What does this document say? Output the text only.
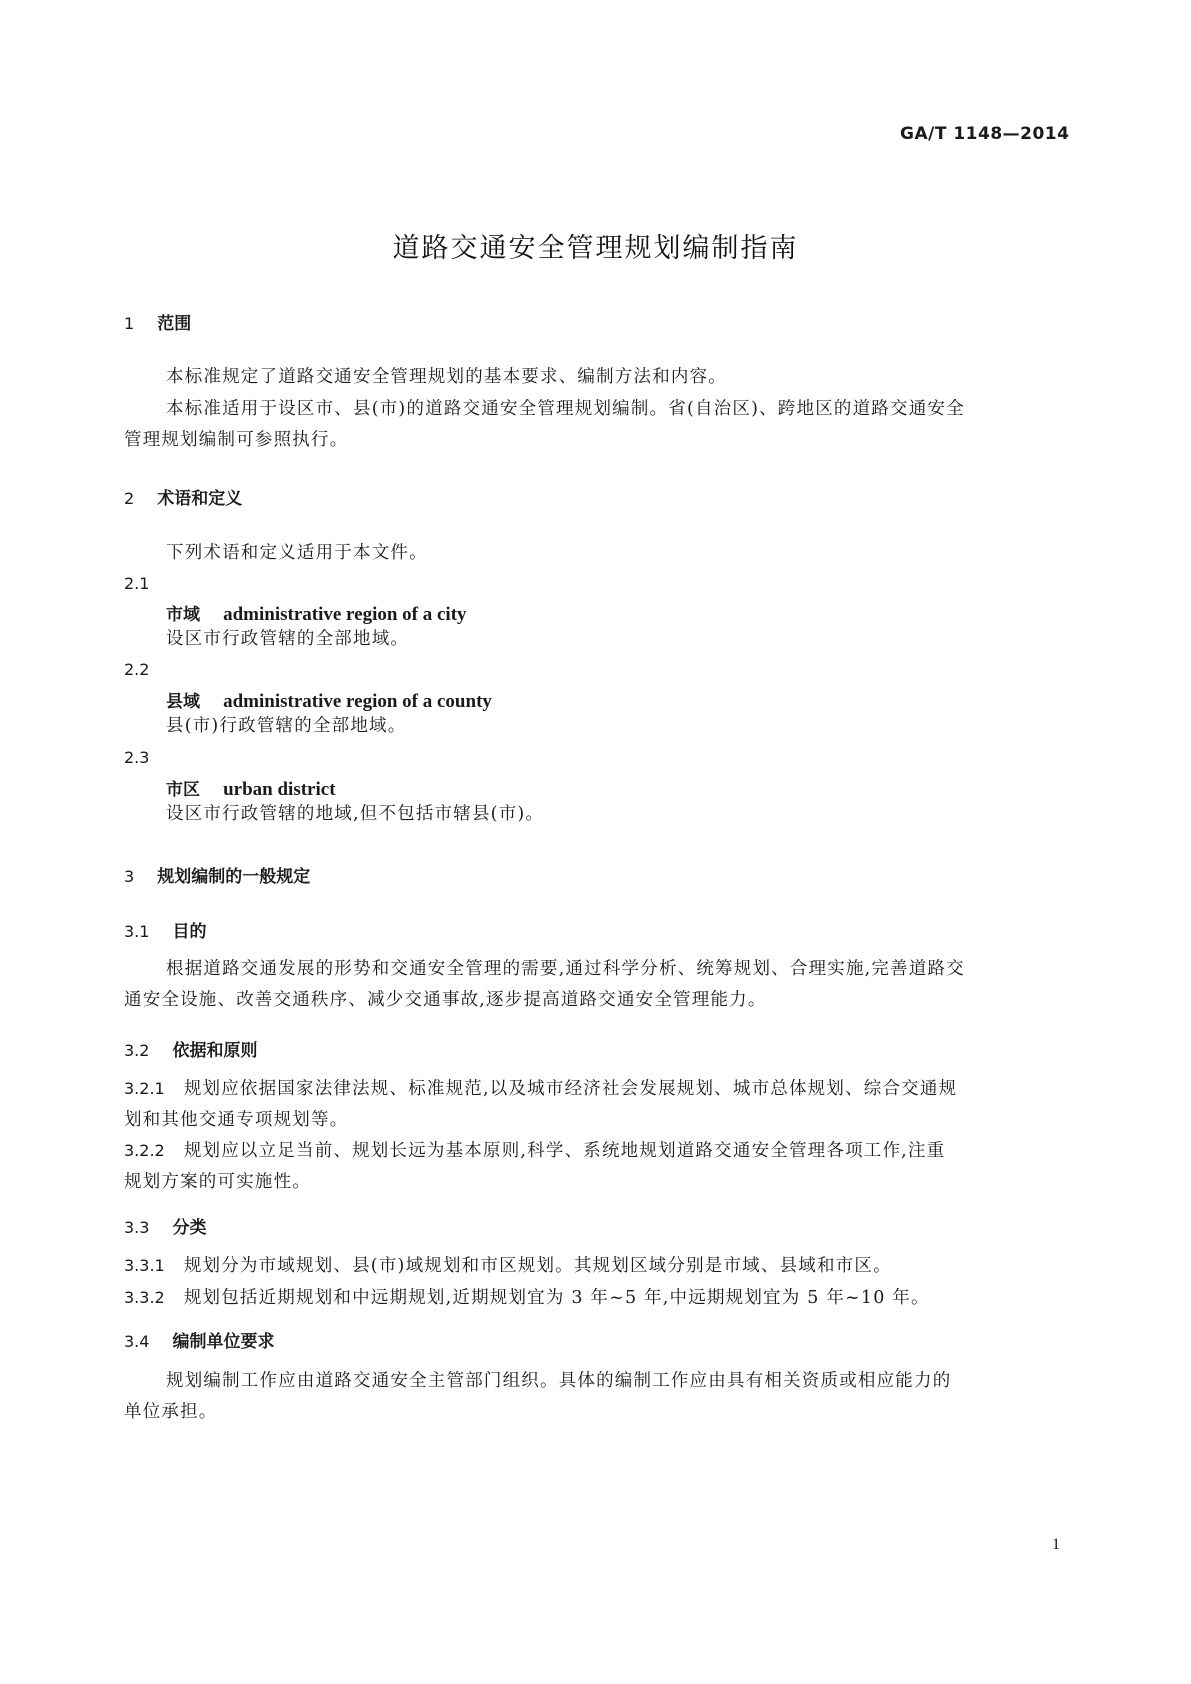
GA/T 1148—2014
道路交通安全管理规划编制指南
1 范围
本标准规定了道路交通安全管理规划的基本要求、编制方法和内容。
本标准适用于设区市、县(市)的道路交通安全管理规划编制。省(自治区)、跨地区的道路交通安全
管理规划编制可参照执行。
2 术语和定义
下列术语和定义适用于本文件。
2.1
市域 administrative region of a city
设区市行政管辖的全部地域。
2.2
县域 administrative region of a county
县(市)行政管辖的全部地域。
2.3
市区 urban district
设区市行政管辖的地域,但不包括市辖县(市)。
3 规划编制的一般规定
3.1 目的
根据道路交通发展的形势和交通安全管理的需要,通过科学分析、统筹规划、合理实施,完善道路交
通安全设施、改善交通秩序、减少交通事故,逐步提高道路交通安全管理能力。
3.2 依据和原则
3.2.1 规划应依据国家法律法规、标准规范,以及城市经济社会发展规划、城市总体规划、综合交通规
划和其他交通专项规划等。
3.2.2 规划应以立足当前、规划长远为基本原则,科学、系统地规划道路交通安全管理各项工作,注重
规划方案的可实施性。
3.3 分类
3.3.1 规划分为市域规划、县(市)域规划和市区规划。其规划区域分别是市域、县域和市区。
3.3.2 规划包括近期规划和中远期规划,近期规划宜为 3 年~5 年,中远期规划宜为 5 年~10 年。
3.4 编制单位要求
规划编制工作应由道路交通安全主管部门组织。具体的编制工作应由具有相关资质或相应能力的
单位承担。
1
